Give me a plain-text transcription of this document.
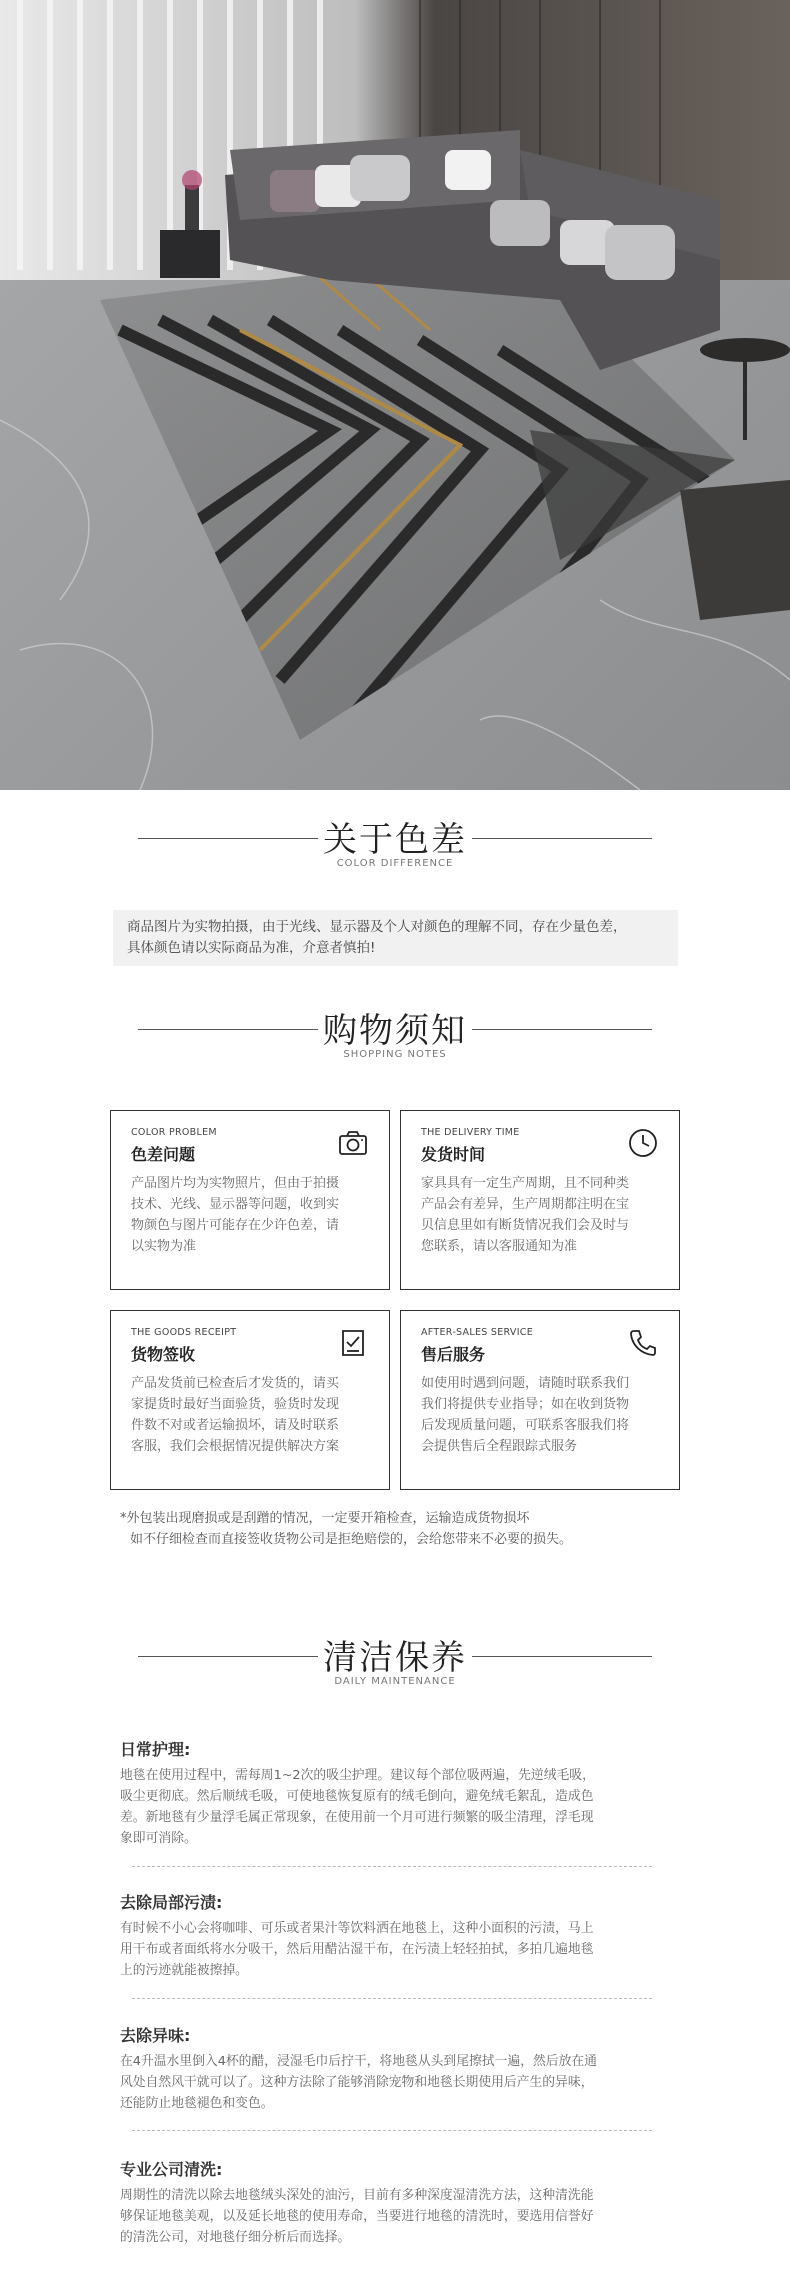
关于色差
COLOR DIFFERENCE
商品图片为实物拍摄，由于光线、显示器及个人对颜色的理解不同，存在少量色差，
具体颜色请以实际商品为准，介意者慎拍!
购物须知
SHOPPING NOTES
COLOR PROBLEM
色差问题
产品图片均为实物照片，但由于拍摄
技术、光线、显示器等问题，收到实
物颜色与图片可能存在少许色差，请
以实物为准
THE DELIVERY TIME
发货时间
家具具有一定生产周期，且不同种类
产品会有差异，生产周期都注明在宝
贝信息里如有断货情况我们会及时与
您联系，请以客服通知为准
THE GOODS RECEIPT
货物签收
产品发货前已检查后才发货的，请买
家提货时最好当面验货，验货时发现
件数不对或者运输损坏，请及时联系
客服，我们会根据情况提供解决方案
AFTER-SALES SERVICE
售后服务
如使用时遇到问题，请随时联系我们
我们将提供专业指导；如在收到货物
后发现质量问题，可联系客服我们将
会提供售后全程跟踪式服务
*外包装出现磨损或是刮蹭的情况，一定要开箱检查，运输造成货物损坏
如不仔细检查而直接签收货物公司是拒绝赔偿的，会给您带来不必要的损失。
清洁保养
DAILY MAINTENANCE
日常护理:
地毯在使用过程中，需每周1~2次的吸尘护理。建议每个部位吸两遍，先逆绒毛吸，
吸尘更彻底。然后顺绒毛吸，可使地毯恢复原有的绒毛倒向，避免绒毛絮乱，造成色
差。新地毯有少量浮毛属正常现象，在使用前一个月可进行频繁的吸尘清理，浮毛现
象即可消除。
去除局部污渍:
有时候不小心会将咖啡、可乐或者果汁等饮料洒在地毯上，这种小面积的污渍，马上
用干布或者面纸将水分吸干，然后用醋沾湿干布，在污渍上轻轻拍拭，多拍几遍地毯
上的污迹就能被擦掉。
去除异味:
在4升温水里倒入4杯的醋，浸湿毛巾后拧干，将地毯从头到尾擦拭一遍，然后放在通
风处自然风干就可以了。这种方法除了能够消除宠物和地毯长期使用后产生的异味，
还能防止地毯褪色和变色。
专业公司清洗:
周期性的清洗以除去地毯绒头深处的油污，目前有多种深度湿清洗方法，这种清洗能
够保证地毯美观，以及延长地毯的使用寿命，当要进行地毯的清洗时，要选用信誉好
的清洗公司，对地毯仔细分析后而选择。
